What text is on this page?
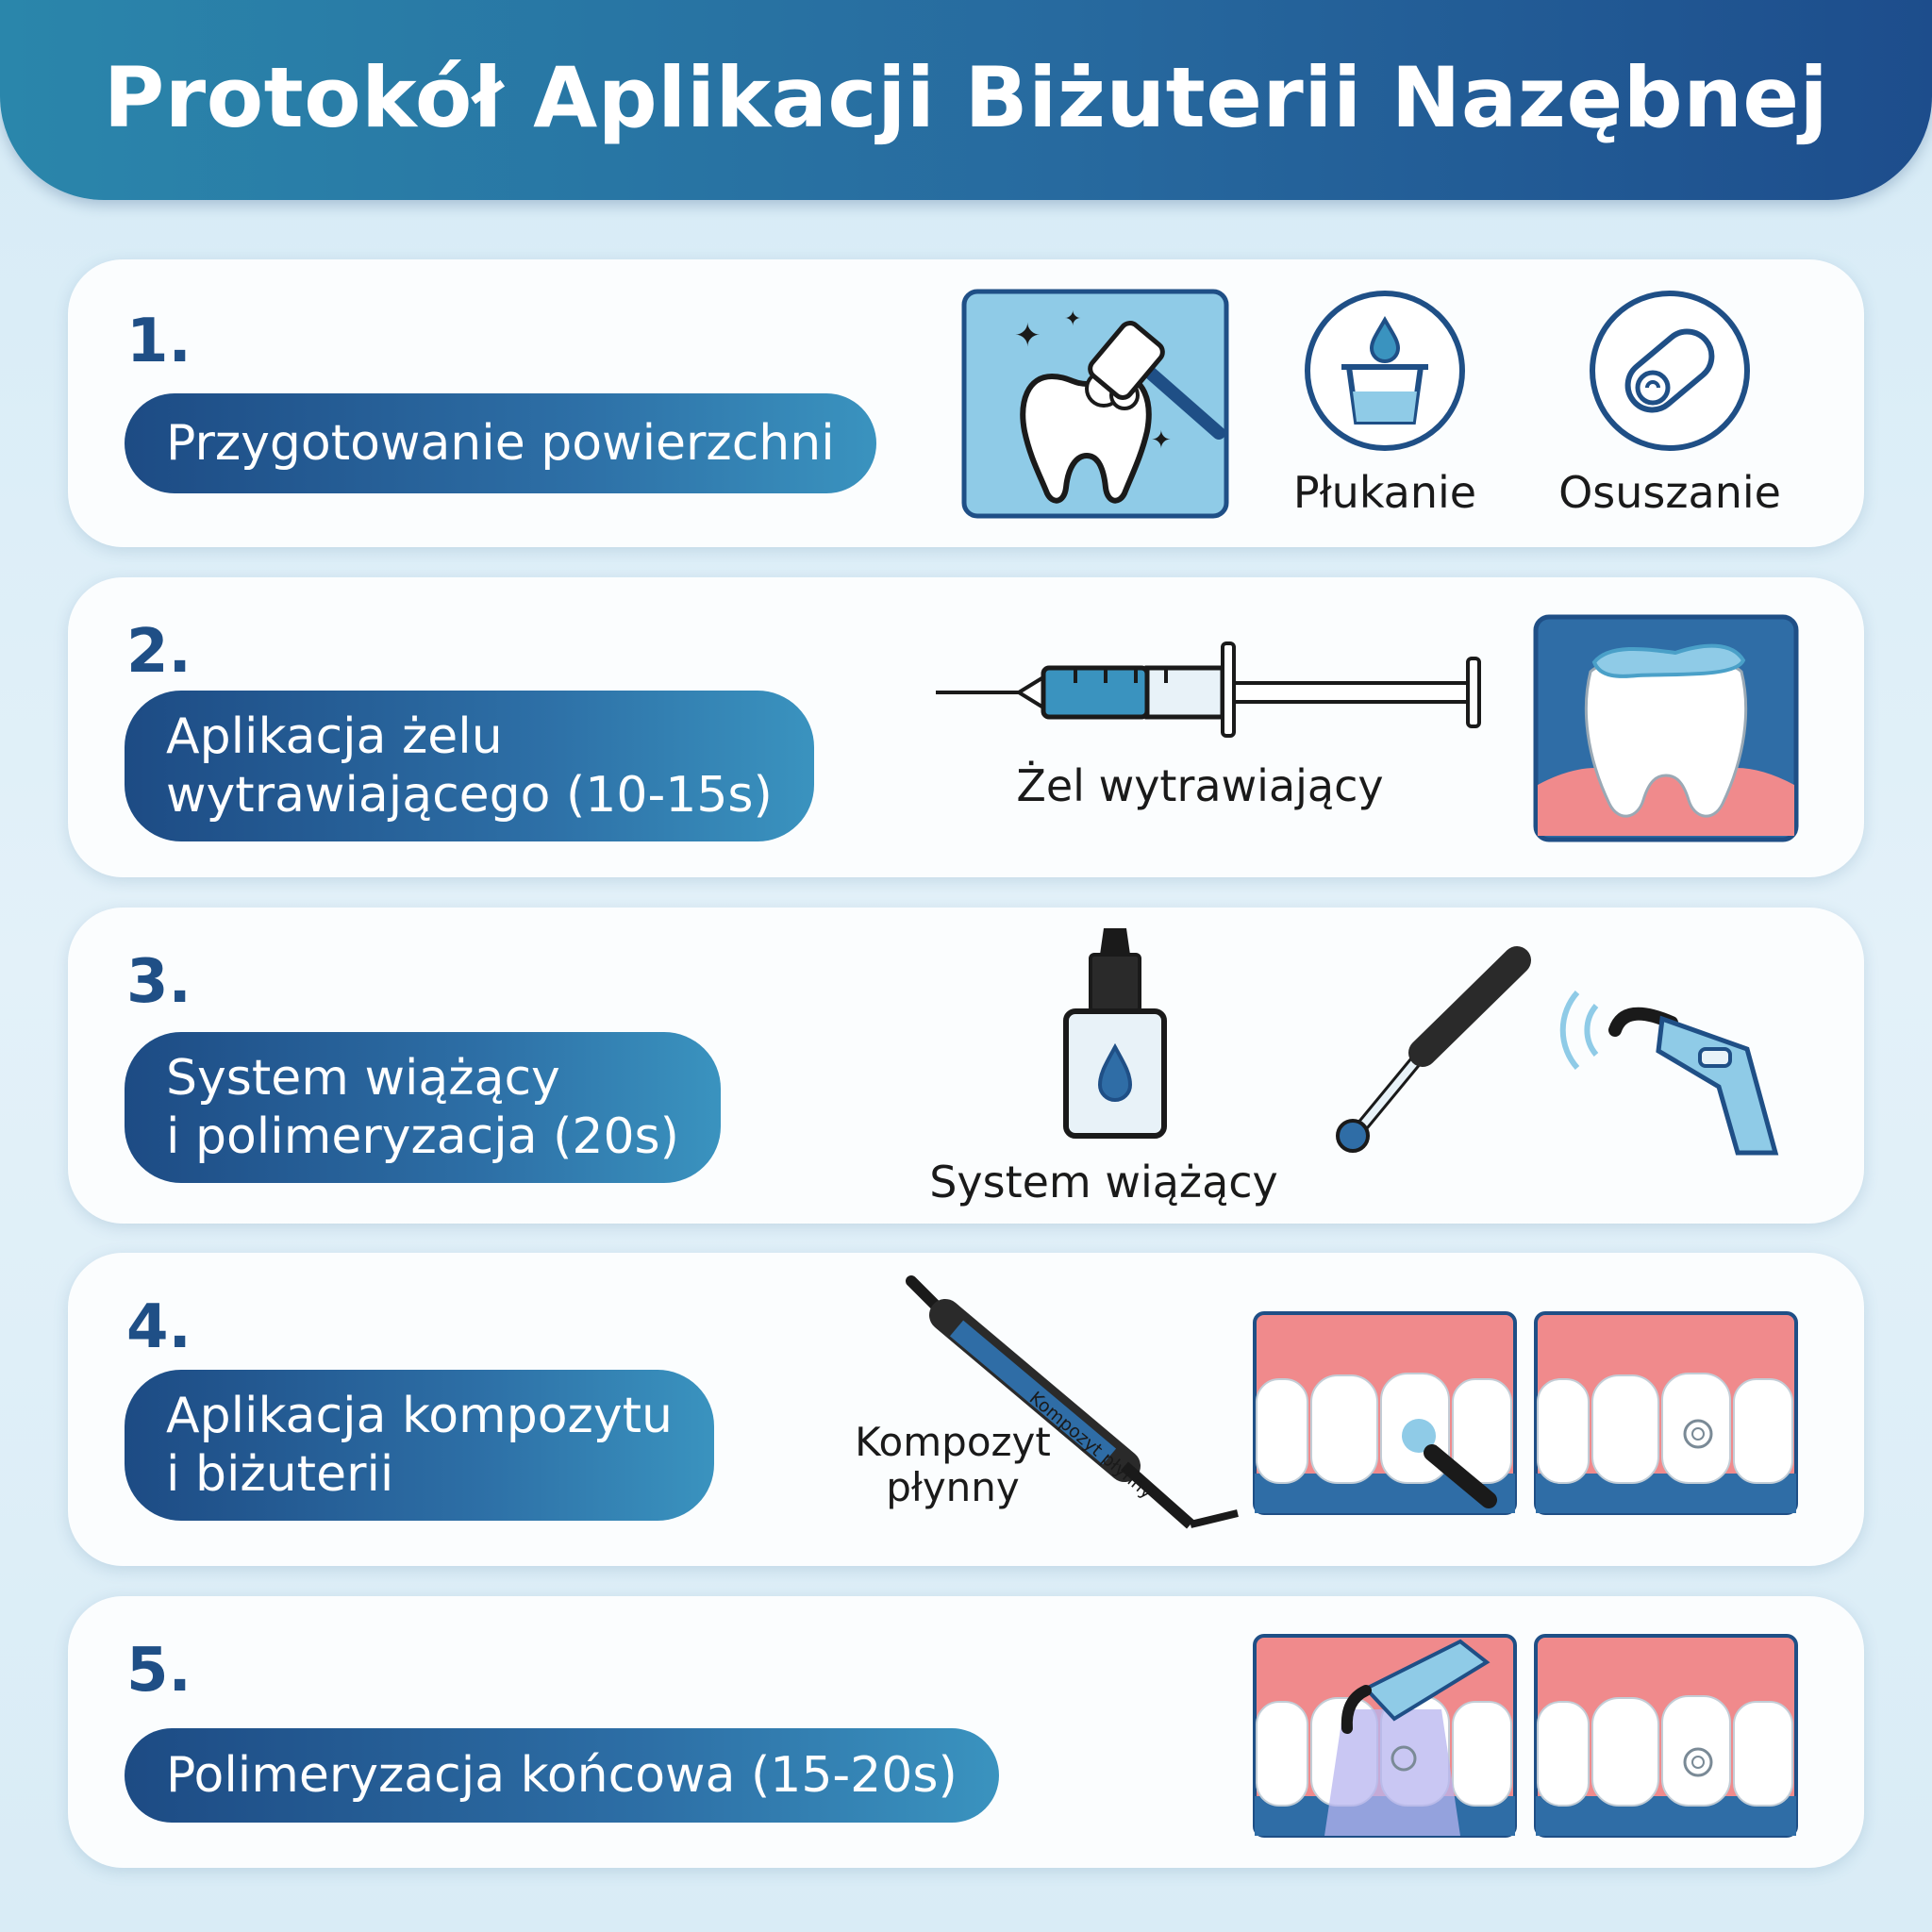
Protokół Aplikacji Biżuterii Nazębnej
1.
Przygotowanie powierzchni
✦
✦
✦
Płukanie Osuszanie
2.
Aplikacja żelu
wytrawiającego (10-15s)	Żel wytrawiający
3.
System wiążący
i polimeryzacja (20s)
System wiążący
4.
Aplikacja kompozytu
i biżuterii	Kompozyt płynny
Kompozyt
płynny
5.
Polimeryzacja końcowa (15-20s)
